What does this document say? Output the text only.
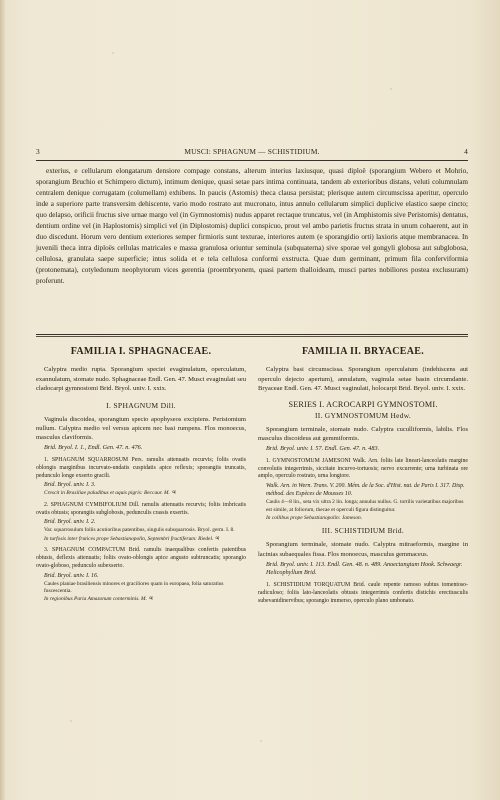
3	MUSCI: SPHAGNUM — SCHISTIDIUM.	4

exterius, e cellularum elongatarum densiore compage constans, alterum interius laxiusque, quasi diploë (sporangium Webero et Mohrio, sporangium Bruchio et Schimpero dictum), intimum denique, quasi setae pars intima continuata, tandem ab exterioribus distans, veluti columnulam centralem denique corrugatam (columellam) exhibens. In paucis (Astomis) theca clausa persistat; plerisque autem circumscissa aperitur, operculo inde a superiore parte transversim dehiscente, vario modo rostrato aut mucronato, intus annulo cellularum simplici duplicive elastico saepe cincto; quo delapso, orificii fructus sive urnae margo vel (in Gymnostomis) nudus apparet rectaque truncatus, vel (in Amphistomis sive Peristomis) dentatus, dentium ordine vel (in Haplostomis) simplici vel (in Diplostomis) duplici conspicuo, prout vel ambo parietis fructus strata in unum cohaerent, aut in duo discedunt. Horum vero dentium exteriores semper firmioris sunt texturae, interiores autem (e sporangidio orti) laxioris atque membranacea. In juvenili theca intra diploës cellulas matricales e massa granulosa oriuntur seminula (subquaterna) sive sporae vel gongyli globosa aut subglobosa, cellulosa, granulata saepe superficie; intus solida et e tela cellulosa conformi exstructa. Quae dum germinant, primum fila conferviformia (protonemata), cotyledonum neophytorum vices gerentia (proembryonem, quasi partem thalloideam, musci partes nobiliores postea exclusuram) proferunt.

FAMILIA I. SPHAGNACEAE.

Calyptra medio rupta. Sporangium speciei evaginulatum, operculatum, exannulatum, stomate nudo. Sphagnaceae Endl. Gen. 47. Musci evaginulati seu cladocarpi gymnostomi Brid. Bryol. univ. I. xxix.

I. SPHAGNUM Dill.

Vaginula discoidea, sporangium specio apophyseos excipiens. Peristomium nullum. Calyptra medio vel versus apicem nec basi rumpens. Flos monoecus, masculus claviformis.

Brid. Bryol. I. 1., Endl. Gen. 47. n. 476.

1. SPHAGNUM SQUARROSUM Pers. ramulis attenuatis recurvis; foliis ovatis oblongis marginibus incurvato-undatis cuspidatis apice reflexis; sporangiis truncatis, pedunculo longe exserto gracili.

Brid. Bryol. univ. I. 3.

Crescit in Brasiliae paludibus et aquis pigris: Beccaur. M. ♃

2. SPHAGNUM CYMBIFOLIUM Dill. ramulis attenuatis recurvis; foliis imbricatis ovatis obtusis; sporangiis subglobosis, pedunculis crassis exsertis.

Brid. Bryol. univ. I. 2.

Var. squarrosulum foliis acutioribus patentibus, singulis subsquarrosis. Bryol. germ. I. 8.

In turfosis inter frutices prope Sebastianopolin, Septembri fructiferum: Riedel. ♃

3. SPHAGNUM COMPACTUM Brid. ramulis inaequalibus confertis patentibus obtusis, deflexis attenuatis; foliis ovato-oblongis apice angusto subtruncatis; sporangio ovato-globoso, pedunculo subexserto.

Brid. Bryol. univ. I. 16.

Caules planiae brasiliensis minores et graciliores quam in europaea, folia saturatius fuscescentia.

In regionibus Paria Amazonum conterminis. M. ♃

FAMILIA II. BRYACEAE.

Calyptra basi circumscissa. Sporangium operculatum (indehiscens aut operculo dejecto apertum), annulatum, vaginula setae basin circumdante. Bryaceae Endl. Gen. 47. Musci vaginulati, holocarpi Brid. Bryol. univ. I. xxix.

SERIES I. ACROCARPI GYMNOSTOMI.
II. GYMNOSTOMUM Hedw.

Sporangium terminale, stomate nudo. Calyptra cuculliformis, labilis. Flos masculus discoideus aut gemmiformis.

Brid. Bryol. univ. I. 57. Endl. Gen. 47. n. 483.

1. GYMNOSTOMUM JAMESONI Walk. Arn. foliis late lineari-lanceolatis margine convolutis integerrimis, siccitate incurvo-tortuosis; nervo excurrente; urna turbinata ore amplo, operculo rostrato, urna longiore.

Walk. Arn. in Wern. Trans. V. 200. Mém. de la Soc. d'Hist. nat. de Paris I. 317. Disp. méthod. des Espèces de Mousses 10.

Caulis 4—8 lin., seta vix ultra 2 lin. longa; annulus nullus. G. tortilis varietatibus majoribus est simile, at foliorum, thecae et operculi figura distinguitur.

In collibus prope Sebastianopolin: Jameson.

III. SCHISTIDIUM Brid.

Sporangium terminale, stomate nudo. Calyptra mitraeformis, margine in lacinias subaequales fissa. Flos monoecus, masculus gemmaceus.

Brid. Bryol. univ. I. 113. Endl. Gen. 48. n. 489. Anoectangium Hook. Schwaegr. Helicophyllum Brid.

1. SCHISTIDIUM TORQUATUM Brid. caule repente ramoso subtus tomentoso-radiculoso; foliis lato-lanceolatis obtusis integerrimis confertis distichis erectiusculis subevanidinervibus; sporangio immerso, operculo plano umbonato.
